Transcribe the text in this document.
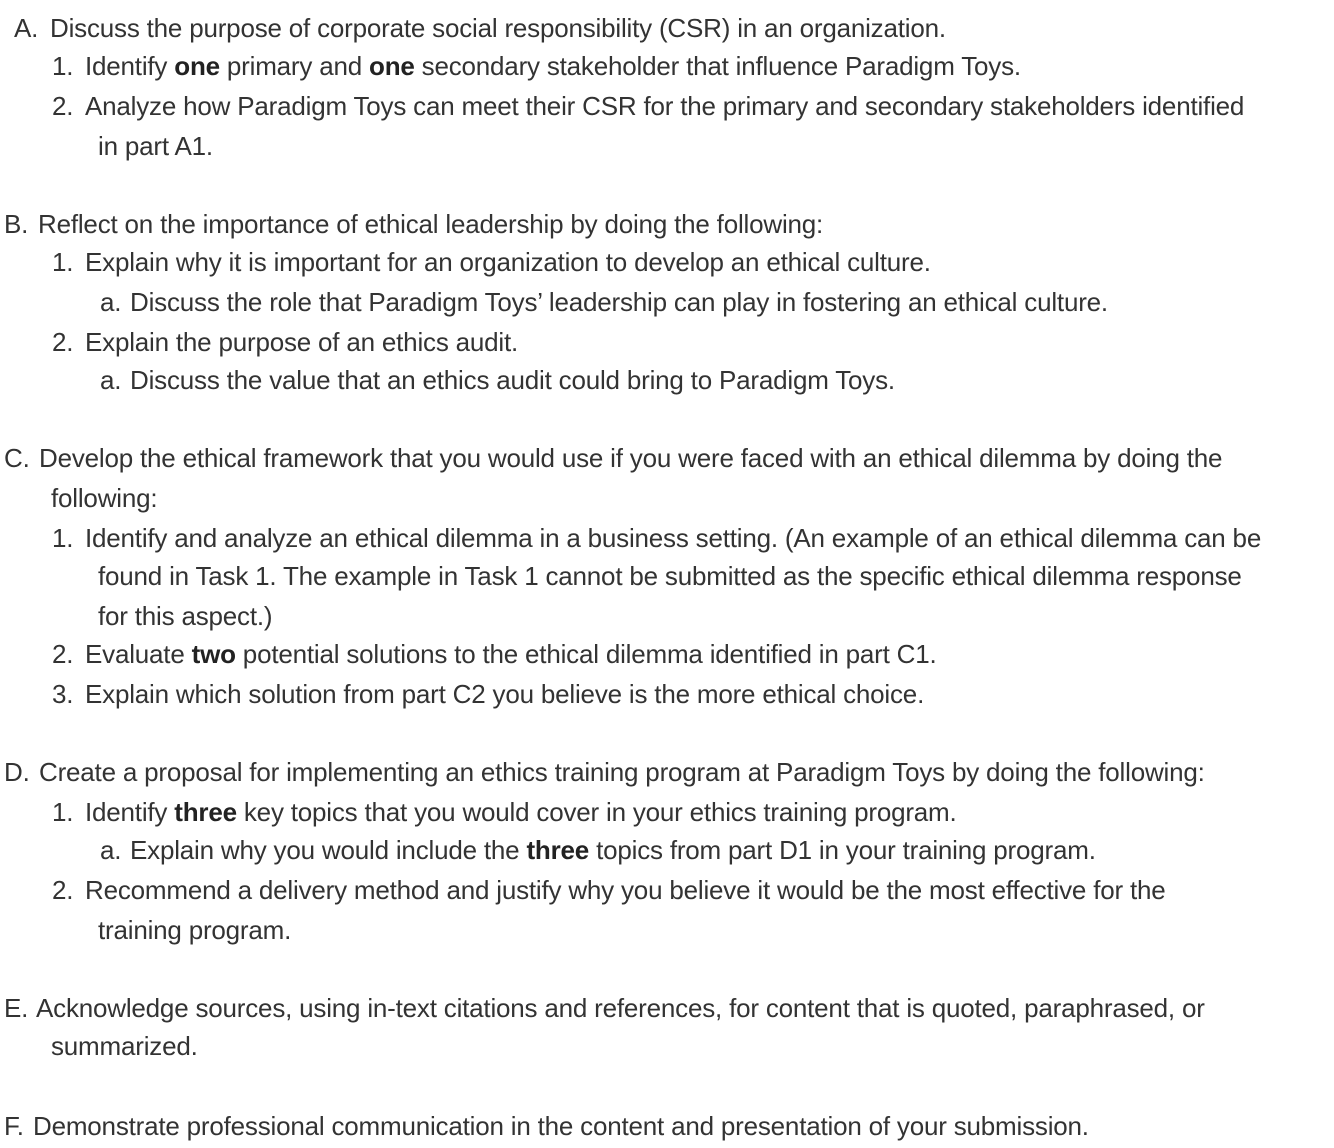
A. Discuss the purpose of corporate social responsibility (CSR) in an organization.
1. Identify one primary and one secondary stakeholder that influence Paradigm Toys.
2. Analyze how Paradigm Toys can meet their CSR for the primary and secondary stakeholders identified
in part A1.
B. Reflect on the importance of ethical leadership by doing the following:
1. Explain why it is important for an organization to develop an ethical culture.
a. Discuss the role that Paradigm Toys’ leadership can play in fostering an ethical culture.
2. Explain the purpose of an ethics audit.
a. Discuss the value that an ethics audit could bring to Paradigm Toys.
C. Develop the ethical framework that you would use if you were faced with an ethical dilemma by doing the
following:
1. Identify and analyze an ethical dilemma in a business setting. (An example of an ethical dilemma can be
found in Task 1. The example in Task 1 cannot be submitted as the specific ethical dilemma response
for this aspect.)
2. Evaluate two potential solutions to the ethical dilemma identified in part C1.
3. Explain which solution from part C2 you believe is the more ethical choice.
D. Create a proposal for implementing an ethics training program at Paradigm Toys by doing the following:
1. Identify three key topics that you would cover in your ethics training program.
a. Explain why you would include the three topics from part D1 in your training program.
2. Recommend a delivery method and justify why you believe it would be the most effective for the
training program.
E. Acknowledge sources, using in-text citations and references, for content that is quoted, paraphrased, or
summarized.
F. Demonstrate professional communication in the content and presentation of your submission.
